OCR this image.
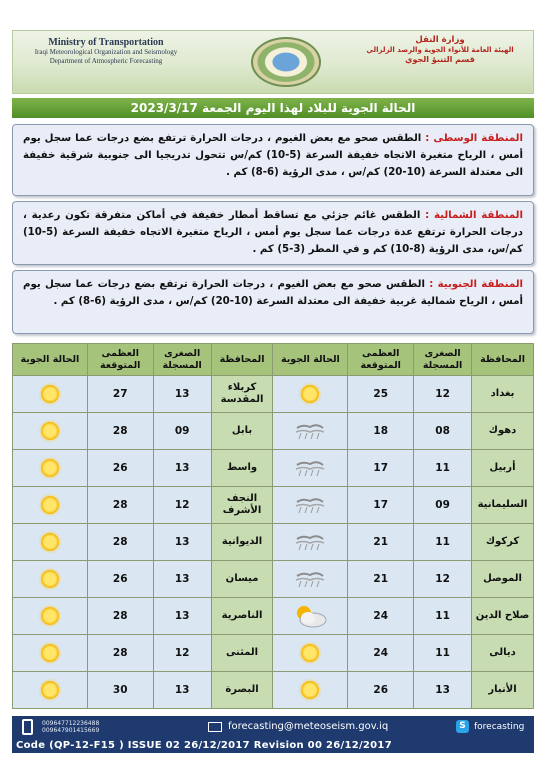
Ministry of Transportation
Iraqi Meteorological Organization and Seismology
Department of Atmospheric Forecasting
وزارة النقل
الهيئة العامة للأنواء الجوية والرصد الزلزالي
قسم التنبؤ الجوي
الحالة الجوية للبلاد لهذا اليوم الجمعة 2023/3/17
المنطقة الوسطى : الطقس صحو مع بعض الغيوم ، درجات الحرارة ترتفع بضع درجات عما سجل يوم أمس ، الرياح متغيرة الاتجاه خفيفة السرعة (5-10) كم/س تتحول تدريجيا الى جنوبية شرقية خفيفة الى معتدلة السرعة (10-20) كم/س ، مدى الرؤية (6-8) كم .
المنطقة الشمالية : الطقس غائم جزئي مع تساقط أمطار خفيفة في أماكن متفرقة تكون رعدية ، درجات الحرارة ترتفع عدة درجات عما سجل يوم أمس ، الرياح متغيرة الاتجاه خفيفة السرعة (5-10) كم/س، مدى الرؤية (8-10) كم و في المطر (3-5) كم .
المنطقة الجنوبية : الطقس صحو مع بعض الغيوم ، درجات الحرارة ترتفع بضع درجات عما سجل يوم أمس ، الرياح شمالية غربية خفيفة الى معتدلة السرعة (10-20) كم/س ، مدى الرؤية (6-8) كم .
المحافظة	الصغرى المسجلة	العظمى المتوقعة	الحالة الجوية	المحافظة	الصغرى المسجلة	العظمى المتوقعة	الحالة الجوية
بغداد	12	25		كربلاء المقدسة	13	27	
دهوك	08	18		بابل	09	28	
أربيل	11	17		واسط	13	26	
السليمانية	09	17		النجف الأشرف	12	28	
كركوك	11	21		الديوانية	13	28	
الموصل	12	21		ميسان	13	26	
صلاح الدين	11	24		الناصرية	13	28	
ديالى	11	24		المثنى	12	28	
الأنبار	13	26		البصرة	13	30	
009647712236488
009647901415669	forecasting@meteoseism.gov.iq	S forecasting
Code (QP-12-F15 ) ISSUE 02 26/12/2017 Revision 00 26/12/2017
